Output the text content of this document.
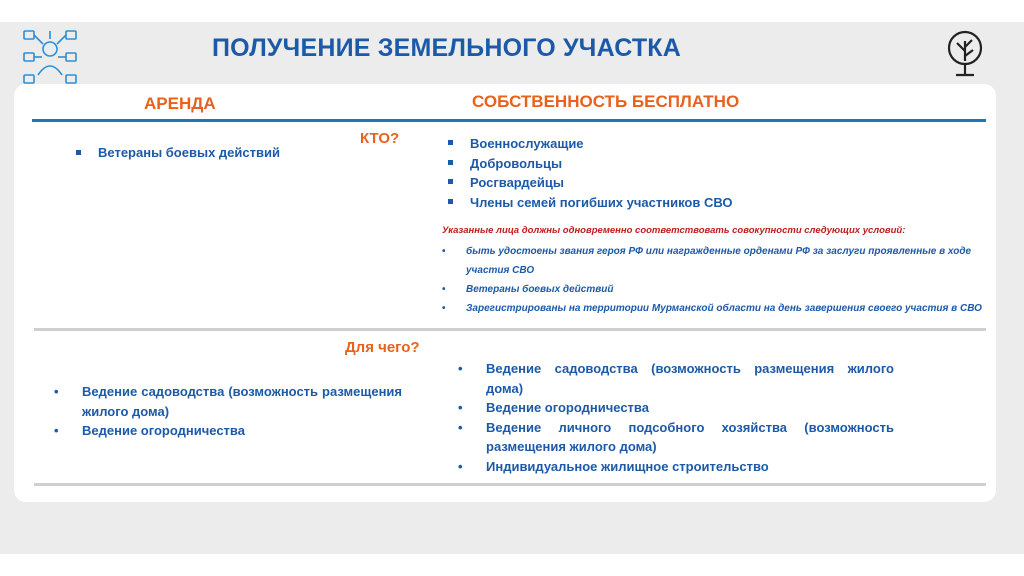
ПОЛУЧЕНИЕ ЗЕМЕЛЬНОГО УЧАСТКА
АРЕНДА	СОБСТВЕННОСТЬ БЕСПЛАТНО
КТО?
Ветераны боевых действий
Военнослужащие
Добровольцы
Росгвардейцы
Члены семей погибших участников СВО

Указанные лица должны одновременно соответствовать совокупности следующих условий:

• быть удостоены звания героя РФ или награжденные орденами РФ за заслуги проявленные в ходе участия СВО
• Ветераны боевых действий
• Зарегистрированы на территории Мурманской области на день завершения своего участия в СВО
Для чего?
• Ведение садоводства (возможность размещения жилого дома)
• Ведение огородничества
• Ведение садоводства (возможность размещения жилого дома)
• Ведение огородничества
• Ведение личного подсобного хозяйства (возможность размещения жилого дома)
• Индивидуальное жилищное строительство
